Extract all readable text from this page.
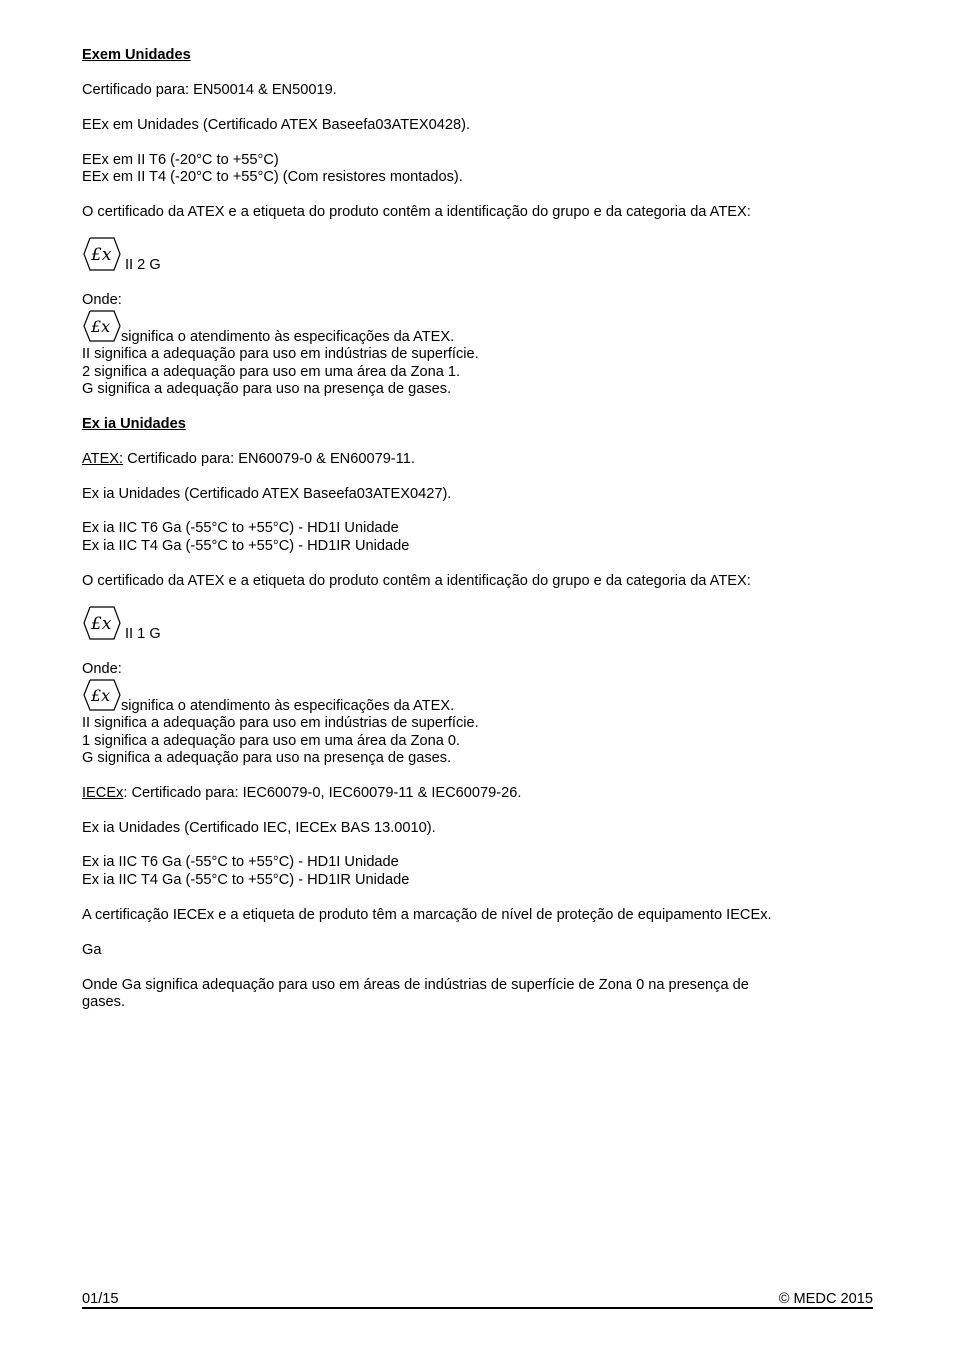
Exem Unidades
Certificado para: EN50014 & EN50019.
EEx em Unidades (Certificado ATEX Baseefa03ATEX0428).
EEx em II T6 (-20°C to +55°C)
EEx em II T4 (-20°C to +55°C) (Com resistores montados).
O certificado da ATEX e a etiqueta do produto contêm a identificação do grupo e da categoria da ATEX:
£x II 2 G
Onde:
£x
significa o atendimento às especificações da ATEX.
II significa a adequação para uso em indústrias de superfície.
2 significa a adequação para uso em uma área da Zona 1.
G significa a adequação para uso na presença de gases.
Ex ia Unidades
ATEX: Certificado para: EN60079-0 & EN60079-11.
Ex ia Unidades (Certificado ATEX Baseefa03ATEX0427).
Ex ia IIC T6 Ga (-55°C to +55°C) - HD1I Unidade
Ex ia IIC T4 Ga (-55°C to +55°C) - HD1IR Unidade
O certificado da ATEX e a etiqueta do produto contêm a identificação do grupo e da categoria da ATEX:
£x II 1 G
Onde:
£x
significa o atendimento às especificações da ATEX.
II significa a adequação para uso em indústrias de superfície.
1 significa a adequação para uso em uma área da Zona 0.
G significa a adequação para uso na presença de gases.
IECEx: Certificado para: IEC60079-0, IEC60079-11 & IEC60079-26.
Ex ia Unidades (Certificado IEC, IECEx BAS 13.0010).
Ex ia IIC T6 Ga (-55°C to +55°C) - HD1I Unidade
Ex ia IIC T4 Ga (-55°C to +55°C) - HD1IR Unidade
A certificação IECEx e a etiqueta de produto têm a marcação de nível de proteção de equipamento IECEx.
Ga
Onde Ga significa adequação para uso em áreas de indústrias de superfície de Zona 0 na presença de
gases.
01/15	© MEDC 2015
